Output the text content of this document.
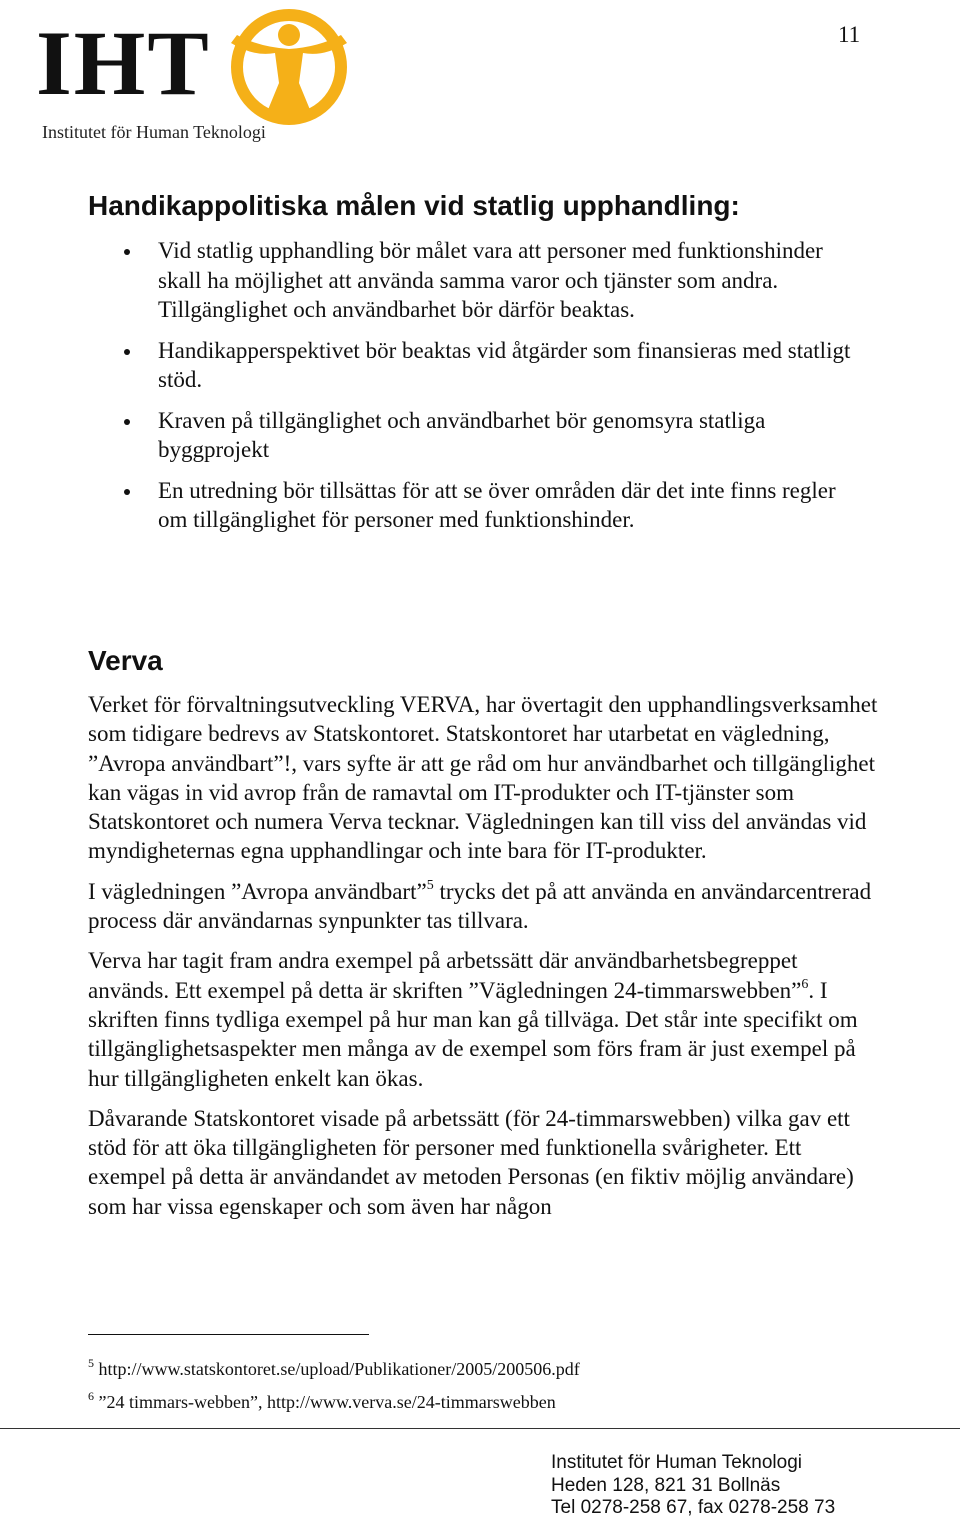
11
IHT
Institutet för Human Teknologi
Handikappolitiska målen vid statlig upphandling:
Vid statlig upphandling bör målet vara att personer med funktionshinder skall ha möjlighet att använda samma varor och tjänster som andra. Tillgänglighet och användbarhet bör därför beaktas.
Handikapperspektivet bör beaktas vid åtgärder som finansieras med statligt stöd.
Kraven på tillgänglighet och användbarhet bör genomsyra statliga byggprojekt
En utredning bör tillsättas för att se över områden där det inte finns regler om tillgänglighet för personer med funktionshinder.
Verva

Verket för förvaltningsutveckling VERVA, har övertagit den upphandlingsverksamhet som tidigare bedrevs av Statskontoret. Statskontoret har utarbetat en vägledning, ”Avropa användbart”!, vars syfte är att ge råd om hur användbarhet och tillgänglighet kan vägas in vid avrop från de ramavtal om IT-produkter och IT-tjänster som Statskontoret och numera Verva tecknar. Vägledningen kan till viss del användas vid myndigheternas egna upphandlingar och inte bara för IT-produkter.

I vägledningen ”Avropa användbart”$^5$ trycks det på att använda en användarcentrerad process där användarnas synpunkter tas tillvara.

Verva har tagit fram andra exempel på arbetssätt där användbarhetsbegreppet används. Ett exempel på detta är skriften ”Vägledningen 24-timmarswebben”$^6$. I skriften finns tydliga exempel på hur man kan gå tillväga. Det står inte specifikt om tillgänglighetsaspekter men många av de exempel som förs fram är just exempel på hur tillgängligheten enkelt kan ökas.

Dåvarande Statskontoret visade på arbetssätt (för 24-timmarswebben) vilka gav ett stöd för att öka tillgängligheten för personer med funktionella svårigheter. Ett exempel på detta är användandet av metoden Personas (en fiktiv möjlig användare) som har vissa egenskaper och som även har någon

$^5$ http://www.statskontoret.se/upload/Publikationer/2005/200506.pdf

$^6$ ”24 timmars-webben”, http://www.verva.se/24-timmarswebben

Institutet för Human Teknologi
Heden 128, 821 31 Bollnäs
Tel 0278-258 67, fax 0278-258 73
